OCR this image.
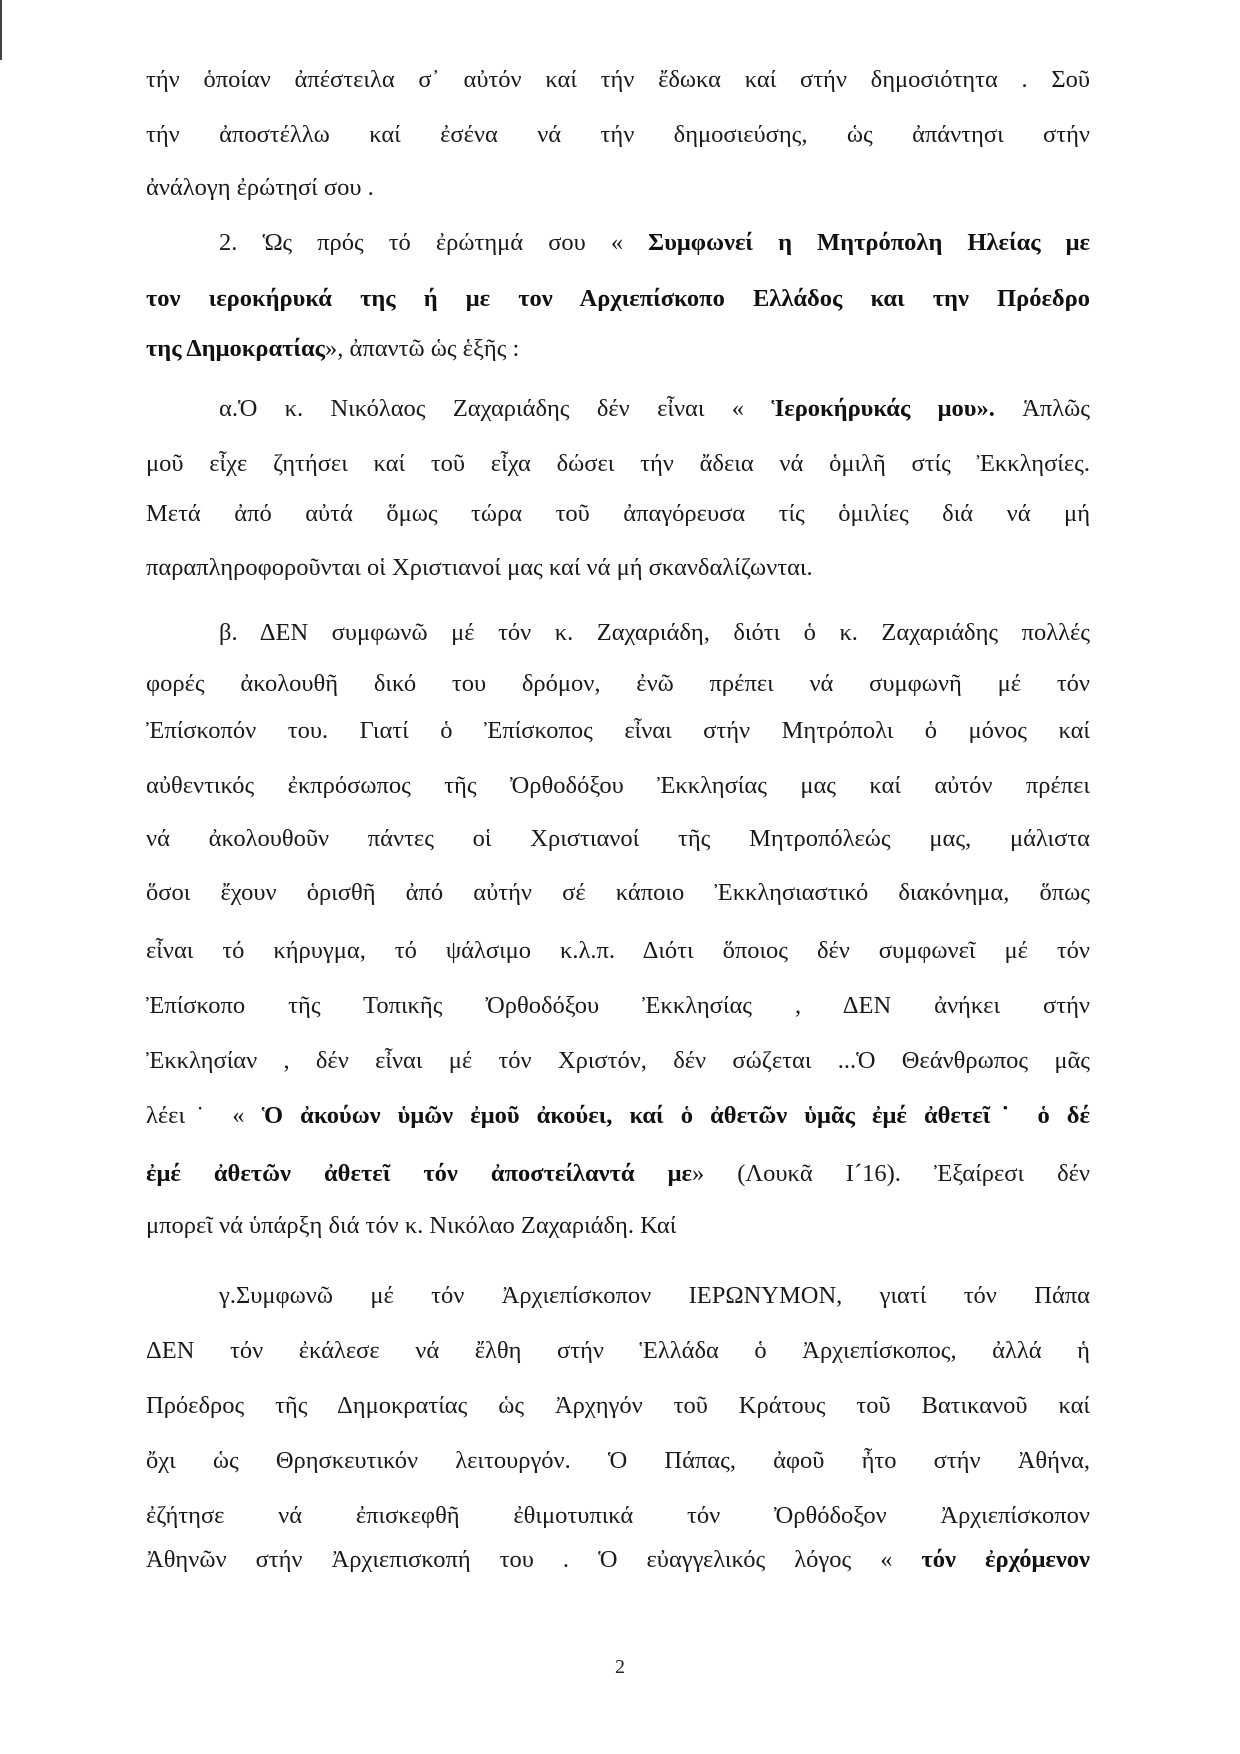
τήν ὁποίαν ἀπέστειλα σ᾽ αὐτόν καί τήν ἔδωκα καί στήν δημοσιότητα . Σοῦ
τήν ἀποστέλλω καί ἐσένα νά τήν δημοσιεύσης, ὡς ἀπάντησι στήν
ἀνάλογη ἐρώτησί σου .
2. Ὡς πρός τό ἐρώτημά σου « Συμφωνεί η Μητρόπολη Ηλείας με
τον ιεροκήρυκά της ή με τον Αρχιεπίσκοπο Ελλάδος και την Πρόεδρο
της Δημοκρατίας», ἀπαντῶ ὡς ἑξῆς :
α.Ὁ κ. Νικόλαος Ζαχαριάδης δέν εἶναι « Ἱεροκήρυκάς μου». Ἁπλῶς
μοῦ εἶχε ζητήσει καί τοῦ εἶχα δώσει τήν ἄδεια νά ὁμιλῆ στίς Ἐκκλησίες.
Μετά ἀπό αὐτά ὅμως τώρα τοῦ ἀπαγόρευσα τίς ὁμιλίες διά νά μή
παραπληροφοροῦνται οἱ Χριστιανοί μας καί νά μή σκανδαλίζωνται.
β. ΔΕΝ συμφωνῶ μέ τόν κ. Ζαχαριάδη, διότι ὁ κ. Ζαχαριάδης πολλές
φορές ἀκολουθῆ δικό του δρόμον, ἐνῶ πρέπει νά συμφωνῆ μέ τόν
Ἐπίσκοπόν του. Γιατί ὁ Ἐπίσκοπος εἶναι στήν Μητρόπολι ὁ μόνος καί
αὐθεντικός ἐκπρόσωπος τῆς Ὀρθοδόξου Ἐκκλησίας μας καί αὐτόν πρέπει
νά ἀκολουθοῦν πάντες οἱ Χριστιανοί τῆς Μητροπόλεώς μας, μάλιστα
ὅσοι ἔχουν ὁρισθῆ ἀπό αὐτήν σέ κάποιο Ἐκκλησιαστικό διακόνημα, ὅπως
εἶναι τό κήρυγμα, τό ψάλσιμο κ.λ.π. Διότι ὅποιος δέν συμφωνεῖ μέ τόν
Ἐπίσκοπο τῆς Τοπικῆς Ὀρθοδόξου Ἐκκλησίας , ΔΕΝ ἀνήκει στήν
Ἐκκλησίαν , δέν εἶναι μέ τόν Χριστόν, δέν σώζεται ...Ὁ Θεάνθρωπος μᾶς
λέει˙ « Ὁ ἀκούων ὑμῶν ἐμοῦ ἀκούει, καί ὁ ἀθετῶν ὑμᾶς ἐμέ ἀθετεῖ˙ ὁ δέ
ἐμέ ἀθετῶν ἀθετεῖ τόν ἀποστείλαντά με» (Λουκᾶ Ι´16). Ἐξαίρεσι δέν
μπορεῖ νά ὑπάρξη διά τόν κ. Νικόλαο Ζαχαριάδη. Καί
γ.Συμφωνῶ μέ τόν Ἀρχιεπίσκοπον ΙΕΡΩΝΥΜΟΝ, γιατί τόν Πάπα
ΔΕΝ τόν ἐκάλεσε νά ἔλθη στήν Ἑλλάδα ὁ Ἀρχιεπίσκοπος, ἀλλά ἡ
Πρόεδρος τῆς Δημοκρατίας ὡς Ἀρχηγόν τοῦ Κράτους τοῦ Βατικανοῦ καί
ὄχι ὡς Θρησκευτικόν λειτουργόν. Ὁ Πάπας, ἀφοῦ ἦτο στήν Ἀθήνα,
ἐζήτησε νά ἐπισκεφθῆ ἐθιμοτυπικά τόν Ὀρθόδοξον Ἀρχιεπίσκοπον
Ἀθηνῶν στήν Ἀρχιεπισκοπή του . Ὁ εὐαγγελικός λόγος « τόν ἐρχόμενον
2
